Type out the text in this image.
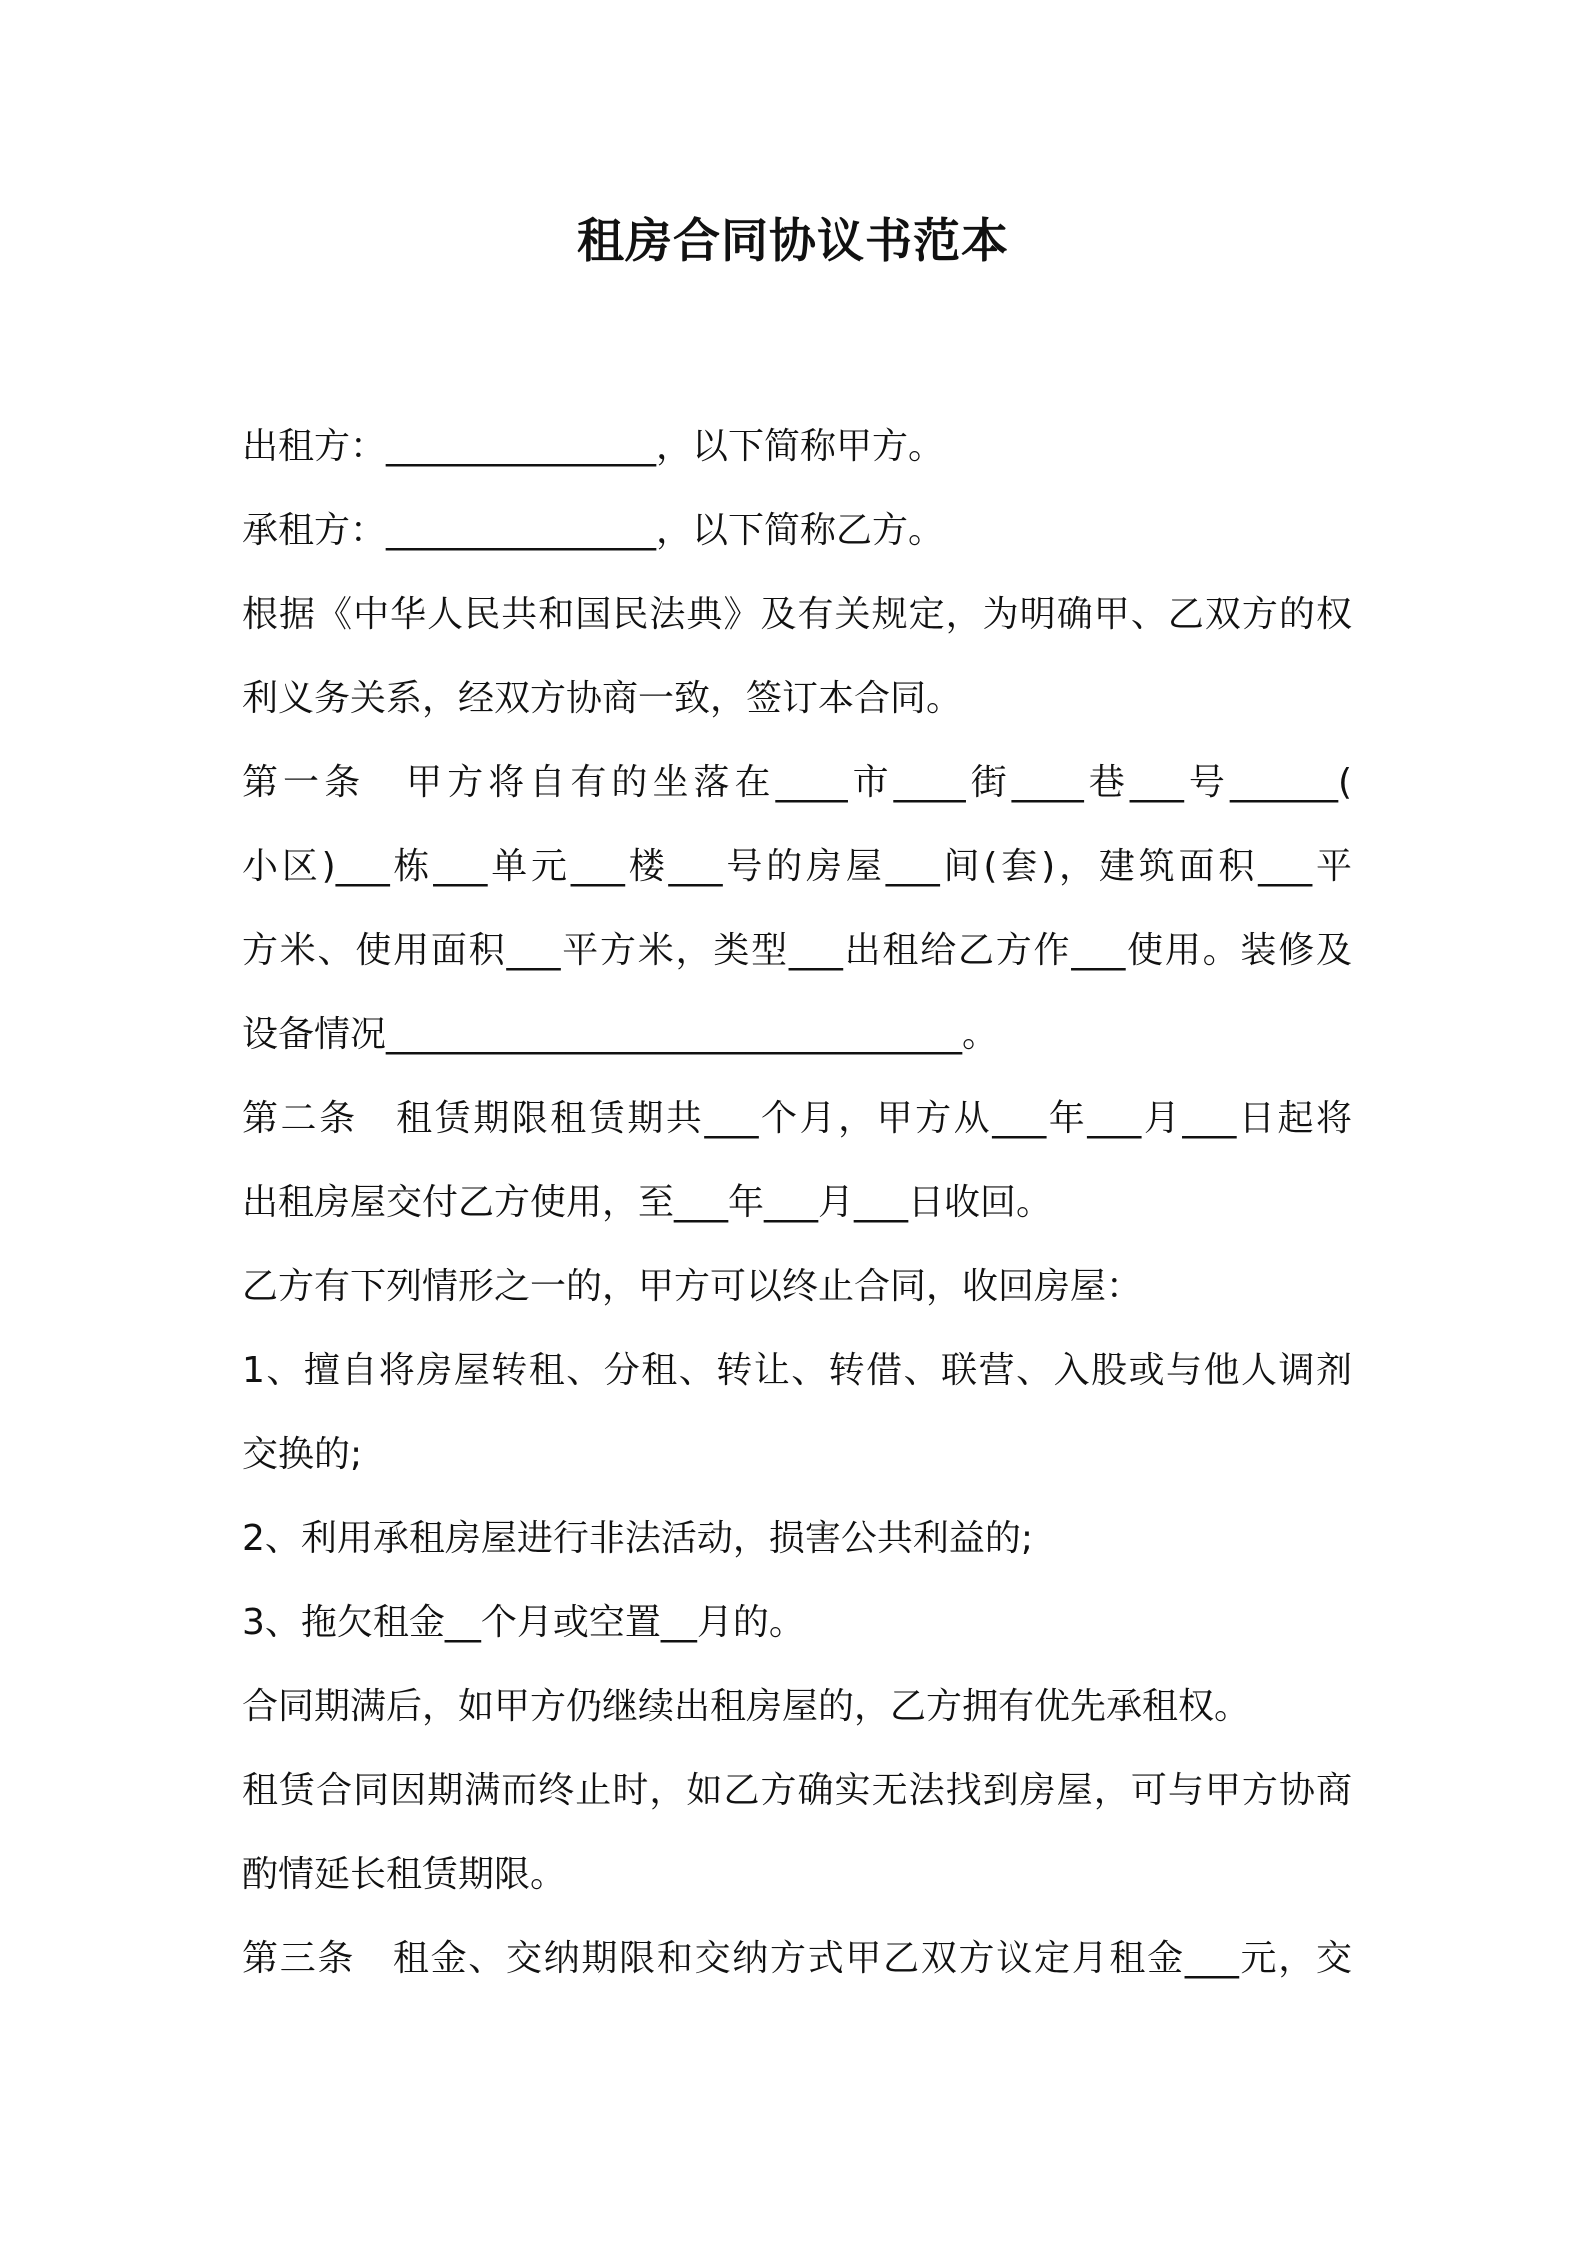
租房合同协议书范本
出租方：_______________，以下简称甲方。
承租方：_______________，以下简称乙方。
根据《中华人民共和国民法典》及有关规定，为明确甲、乙双方的权
利义务关系，经双方协商一致，签订本合同。
第一条　甲方将自有的坐落在____市____街____巷___号______(
小区)___栋___单元___楼___号的房屋___间(套)，建筑面积___平
方米、使用面积___平方米，类型___出租给乙方作___使用。装修及
设备情况________________________________。
第二条　租赁期限租赁期共___个月，甲方从___年___月___日起将
出租房屋交付乙方使用，至___年___月___日收回。
乙方有下列情形之一的，甲方可以终止合同，收回房屋：
1、擅自将房屋转租、分租、转让、转借、联营、入股或与他人调剂
交换的;
2、利用承租房屋进行非法活动，损害公共利益的;
3、拖欠租金__个月或空置__月的。
合同期满后，如甲方仍继续出租房屋的，乙方拥有优先承租权。
租赁合同因期满而终止时，如乙方确实无法找到房屋，可与甲方协商
酌情延长租赁期限。
第三条　租金、交纳期限和交纳方式甲乙双方议定月租金___元，交
